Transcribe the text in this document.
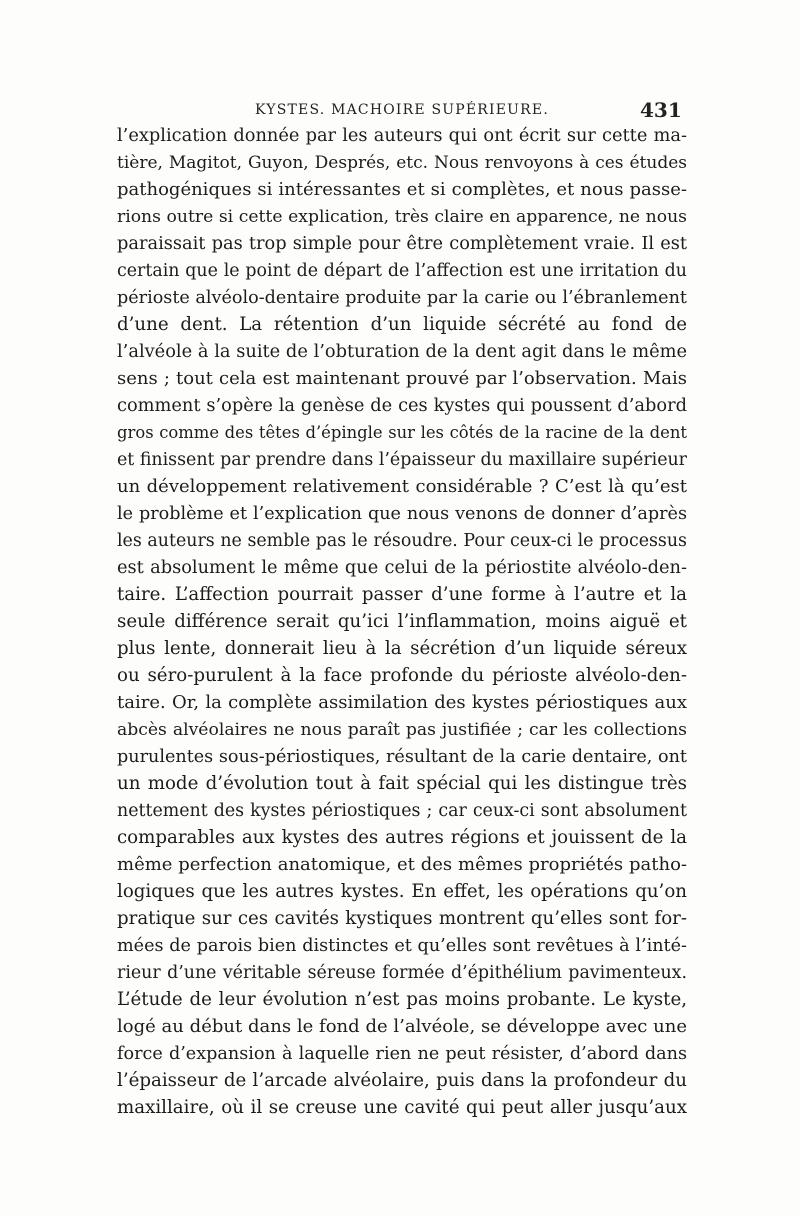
KYSTES. MACHOIRE SUPÉRIEURE.	431
l’explication donnée par les auteurs qui ont écrit sur cette ma-
tière, Magitot, Guyon, Després, etc. Nous renvoyons à ces études
pathogéniques si intéressantes et si complètes, et nous passe-
rions outre si cette explication, très claire en apparence, ne nous
paraissait pas trop simple pour être complètement vraie. Il est
certain que le point de départ de l’affection est une irritation du
périoste alvéolo-dentaire produite par la carie ou l’ébranlement
d’une dent. La rétention d’un liquide sécrété au fond de
l’alvéole à la suite de l’obturation de la dent agit dans le même
sens ; tout cela est maintenant prouvé par l’observation. Mais
comment s’opère la genèse de ces kystes qui poussent d’abord
gros comme des têtes d’épingle sur les côtés de la racine de la dent
et finissent par prendre dans l’épaisseur du maxillaire supérieur
un développement relativement considérable ? C’est là qu’est
le problème et l’explication que nous venons de donner d’après
les auteurs ne semble pas le résoudre. Pour ceux-ci le processus
est absolument le même que celui de la périostite alvéolo-den-
taire. L’affection pourrait passer d’une forme à l’autre et la
seule différence serait qu’ici l’inflammation, moins aiguë et
plus lente, donnerait lieu à la sécrétion d’un liquide séreux
ou séro-purulent à la face profonde du périoste alvéolo-den-
taire. Or, la complète assimilation des kystes périostiques aux
abcès alvéolaires ne nous paraît pas justifiée ; car les collections
purulentes sous-périostiques, résultant de la carie dentaire, ont
un mode d’évolution tout à fait spécial qui les distingue très
nettement des kystes périostiques ; car ceux-ci sont absolument
comparables aux kystes des autres régions et jouissent de la
même perfection anatomique, et des mêmes propriétés patho-
logiques que les autres kystes. En effet, les opérations qu’on
pratique sur ces cavités kystiques montrent qu’elles sont for-
mées de parois bien distinctes et qu’elles sont revêtues à l’inté-
rieur d’une véritable séreuse formée d’épithélium pavimenteux.
L’étude de leur évolution n’est pas moins probante. Le kyste,
logé au début dans le fond de l’alvéole, se développe avec une
force d’expansion à laquelle rien ne peut résister, d’abord dans
l’épaisseur de l’arcade alvéolaire, puis dans la profondeur du
maxillaire, où il se creuse une cavité qui peut aller jusqu’aux
